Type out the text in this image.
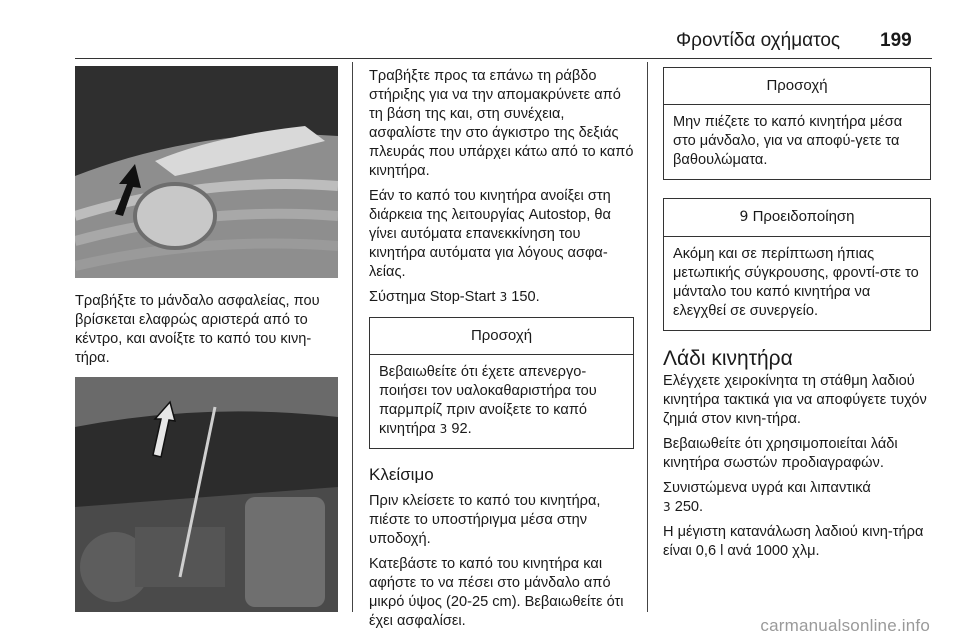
Φροντίδα οχήματος	199

Τραβήξτε το μάνδαλο ασφαλείας, που βρίσκεται ελαφρώς αριστερά από το κέντρο, και ανοίξτε το καπό του κινη-τήρα.

Τραβήξτε προς τα επάνω τη ράβδο στήριξης για να την απομακρύνετε από τη βάση της και, στη συνέχεια, ασφαλίστε την στο άγκιστρο της δεξιάς πλευράς που υπάρχει κάτω από το καπό κινητήρα.

Εάν το καπό του κινητήρα ανοίξει στη διάρκεια της λειτουργίας Autostop, θα γίνει αυτόματα επανεκκίνηση του κινητήρα αυτόματα για λόγους ασφα-λείας.

Σύστημα Stop-Start 3 150.

Προσοχή

Βεβαιωθείτε ότι έχετε απενεργο-ποιήσει τον υαλοκαθαριστήρα του παρμπρίζ πριν ανοίξετε το καπό κινητήρα 3 92.

Κλείσιμο

Πριν κλείσετε το καπό του κινητήρα, πιέστε το υποστήριγμα μέσα στην υποδοχή.

Κατεβάστε το καπό του κινητήρα και αφήστε το να πέσει στο μάνδαλο από μικρό ύψος (20-25 cm). Βεβαιωθείτε ότι έχει ασφαλίσει.

Προσοχή

Μην πιέζετε το καπό κινητήρα μέσα στο μάνδαλο, για να αποφύ-γετε τα βαθουλώματα.

9 Προειδοποίηση

Ακόμη και σε περίπτωση ήπιας μετωπικής σύγκρουσης, φροντί-στε το μάνταλο του καπό κινητήρα να ελεγχθεί σε συνεργείο.

Λάδι κινητήρα

Ελέγχετε χειροκίνητα τη στάθμη λαδιού κινητήρα τακτικά για να αποφύγετε τυχόν ζημιά στον κινη-τήρα.

Βεβαιωθείτε ότι χρησιμοποιείται λάδι κινητήρα σωστών προδιαγραφών.

Συνιστώμενα υγρά και λιπαντικά
3 250.

Η μέγιστη κατανάλωση λαδιού κινη-τήρα είναι 0,6 l ανά 1000 χλμ.

carmanualsonline.info
